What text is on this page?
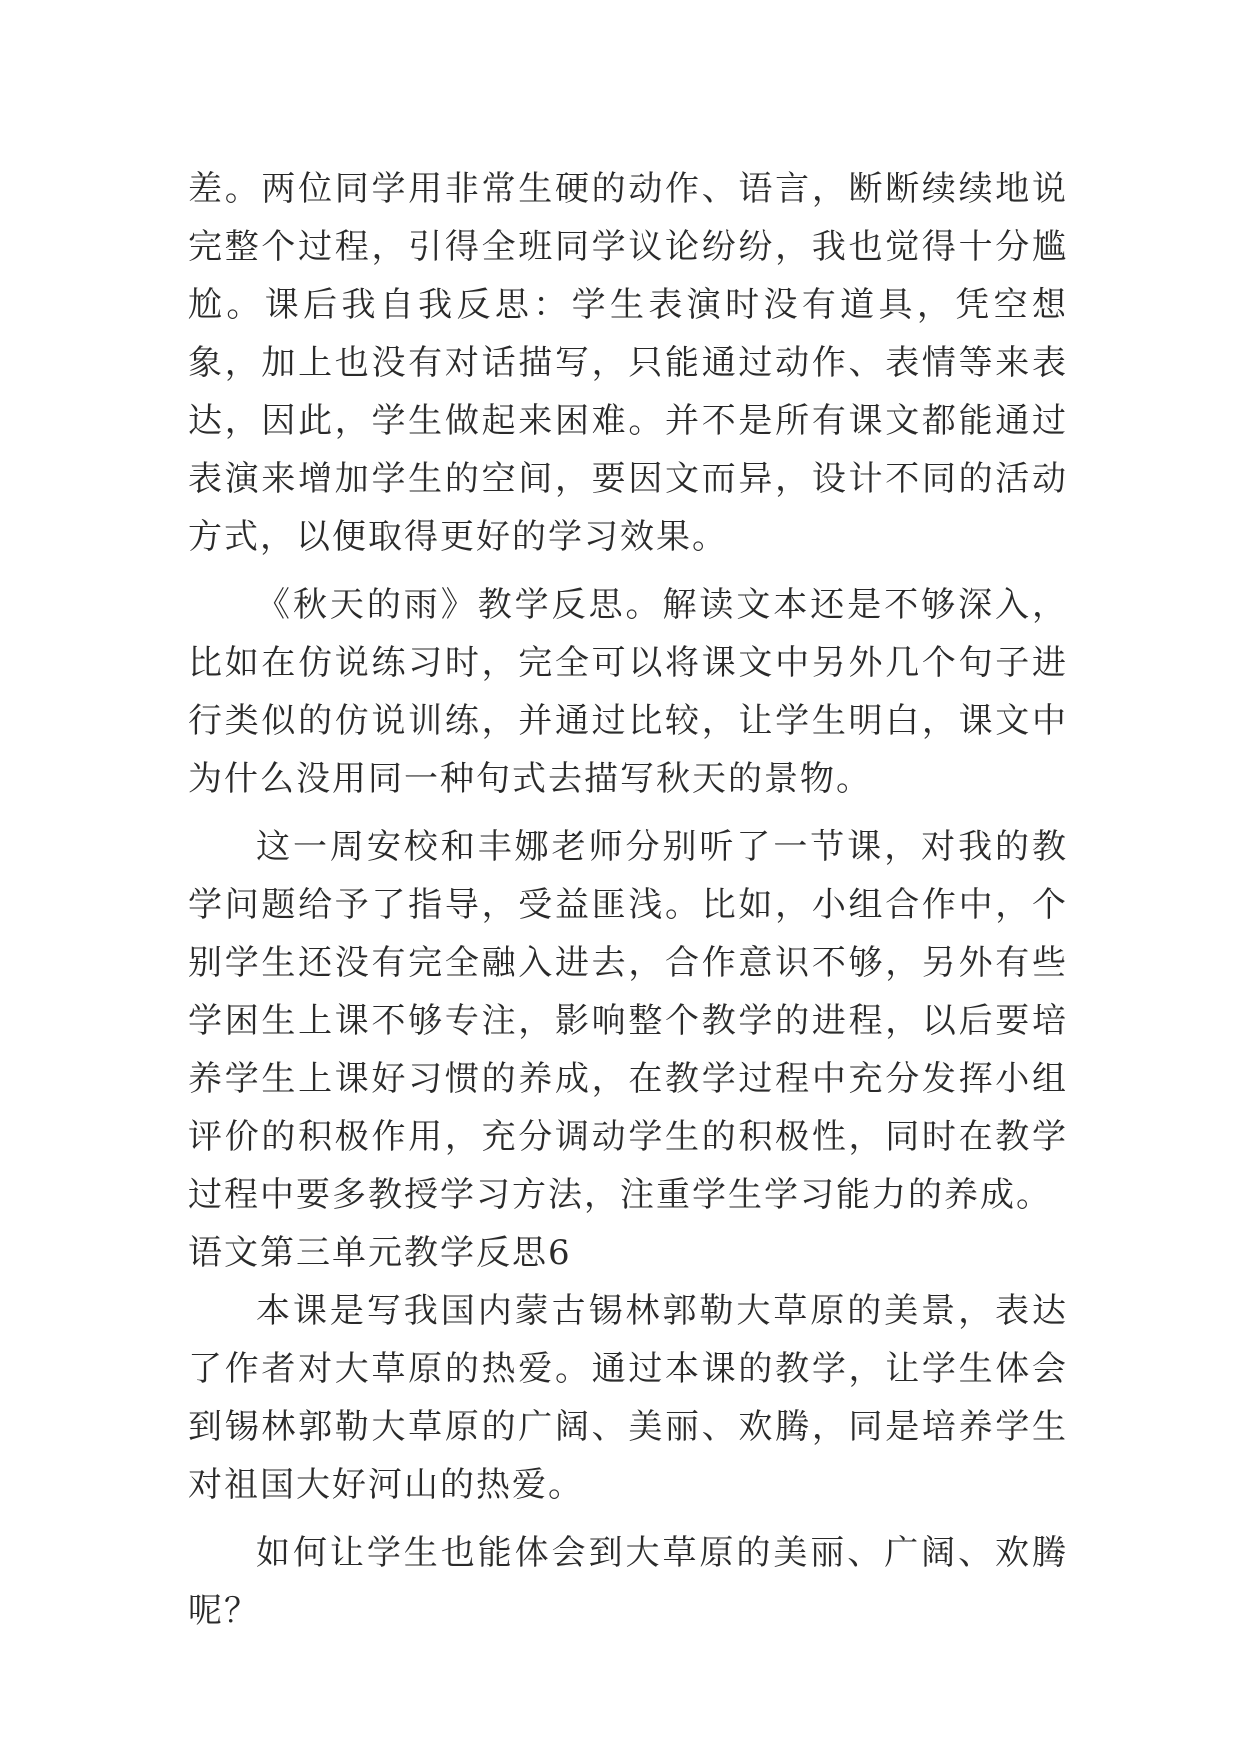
差。两位同学用非常生硬的动作、语言，断断续续地说完整个过程，引得全班同学议论纷纷，我也觉得十分尴尬。课后我自我反思：学生表演时没有道具，凭空想象，加上也没有对话描写，只能通过动作、表情等来表达，因此，学生做起来困难。并不是所有课文都能通过表演来增加学生的空间，要因文而异，设计不同的活动方式，以便取得更好的学习效果。

《秋天的雨》教学反思。解读文本还是不够深入，比如在仿说练习时，完全可以将课文中另外几个句子进行类似的仿说训练，并通过比较，让学生明白，课文中为什么没用同一种句式去描写秋天的景物。

这一周安校和丰娜老师分别听了一节课，对我的教学问题给予了指导，受益匪浅。比如，小组合作中，个别学生还没有完全融入进去，合作意识不够，另外有些学困生上课不够专注，影响整个教学的进程，以后要培养学生上课好习惯的养成，在教学过程中充分发挥小组评价的积极作用，充分调动学生的积极性，同时在教学过程中要多教授学习方法，注重学生学习能力的养成。

语文第三单元教学反思6

本课是写我国内蒙古锡林郭勒大草原的美景，表达了作者对大草原的热爱。通过本课的教学，让学生体会到锡林郭勒大草原的广阔、美丽、欢腾，同是培养学生对祖国大好河山的热爱。

如何让学生也能体会到大草原的美丽、广阔、欢腾呢？
